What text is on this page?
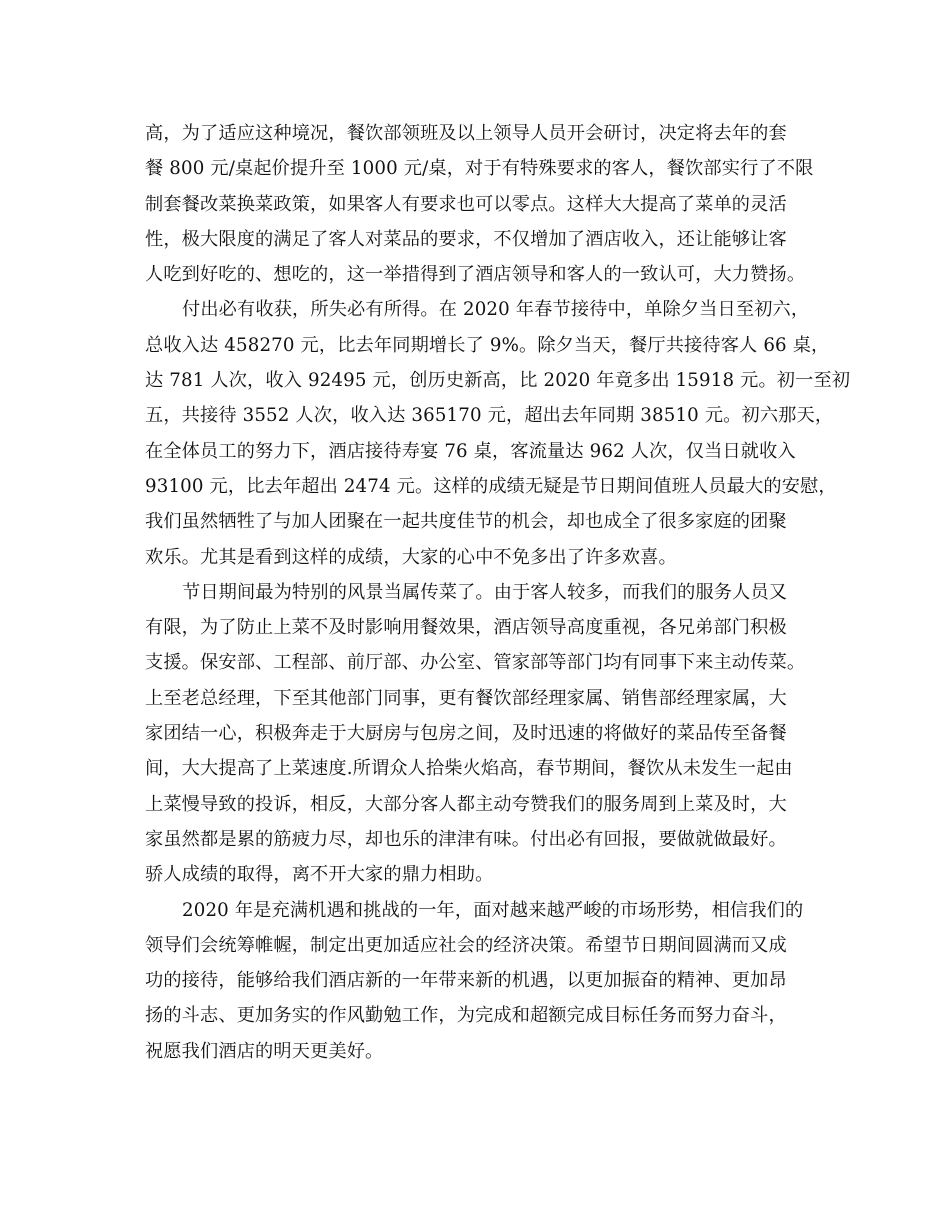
高，为了适应这种境况，餐饮部领班及以上领导人员开会研讨，决定将去年的套
餐 800 元/桌起价提升至 1000 元/桌，对于有特殊要求的客人，餐饮部实行了不限
制套餐改菜换菜政策，如果客人有要求也可以零点。这样大大提高了菜单的灵活
性，极大限度的满足了客人对菜品的要求，不仅增加了酒店收入，还让能够让客
人吃到好吃的、想吃的，这一举措得到了酒店领导和客人的一致认可，大力赞扬。
付出必有收获，所失必有所得。在 2020 年春节接待中，单除夕当日至初六，
总收入达 458270 元，比去年同期增长了 9%。除夕当天，餐厅共接待客人 66 桌，
达 781 人次，收入 92495 元，创历史新高，比 2020 年竟多出 15918 元。初一至初
五，共接待 3552 人次，收入达 365170 元，超出去年同期 38510 元。初六那天，
在全体员工的努力下，酒店接待寿宴 76 桌，客流量达 962 人次，仅当日就收入
93100 元，比去年超出 2474 元。这样的成绩无疑是节日期间值班人员最大的安慰，
我们虽然牺牲了与加人团聚在一起共度佳节的机会，却也成全了很多家庭的团聚
欢乐。尤其是看到这样的成绩，大家的心中不免多出了许多欢喜。
节日期间最为特别的风景当属传菜了。由于客人较多，而我们的服务人员又
有限，为了防止上菜不及时影响用餐效果，酒店领导高度重视，各兄弟部门积极
支援。保安部、工程部、前厅部、办公室、管家部等部门均有同事下来主动传菜。
上至老总经理，下至其他部门同事，更有餐饮部经理家属、销售部经理家属，大
家团结一心，积极奔走于大厨房与包房之间，及时迅速的将做好的菜品传至备餐
间，大大提高了上菜速度.所谓众人拾柴火焰高，春节期间，餐饮从未发生一起由
上菜慢导致的投诉，相反，大部分客人都主动夸赞我们的服务周到上菜及时，大
家虽然都是累的筋疲力尽，却也乐的津津有味。付出必有回报，要做就做最好。
骄人成绩的取得，离不开大家的鼎力相助。
2020 年是充满机遇和挑战的一年，面对越来越严峻的市场形势，相信我们的
领导们会统筹帷幄，制定出更加适应社会的经济决策。希望节日期间圆满而又成
功的接待，能够给我们酒店新的一年带来新的机遇，以更加振奋的精神、更加昂
扬的斗志、更加务实的作风勤勉工作，为完成和超额完成目标任务而努力奋斗，
祝愿我们酒店的明天更美好。
